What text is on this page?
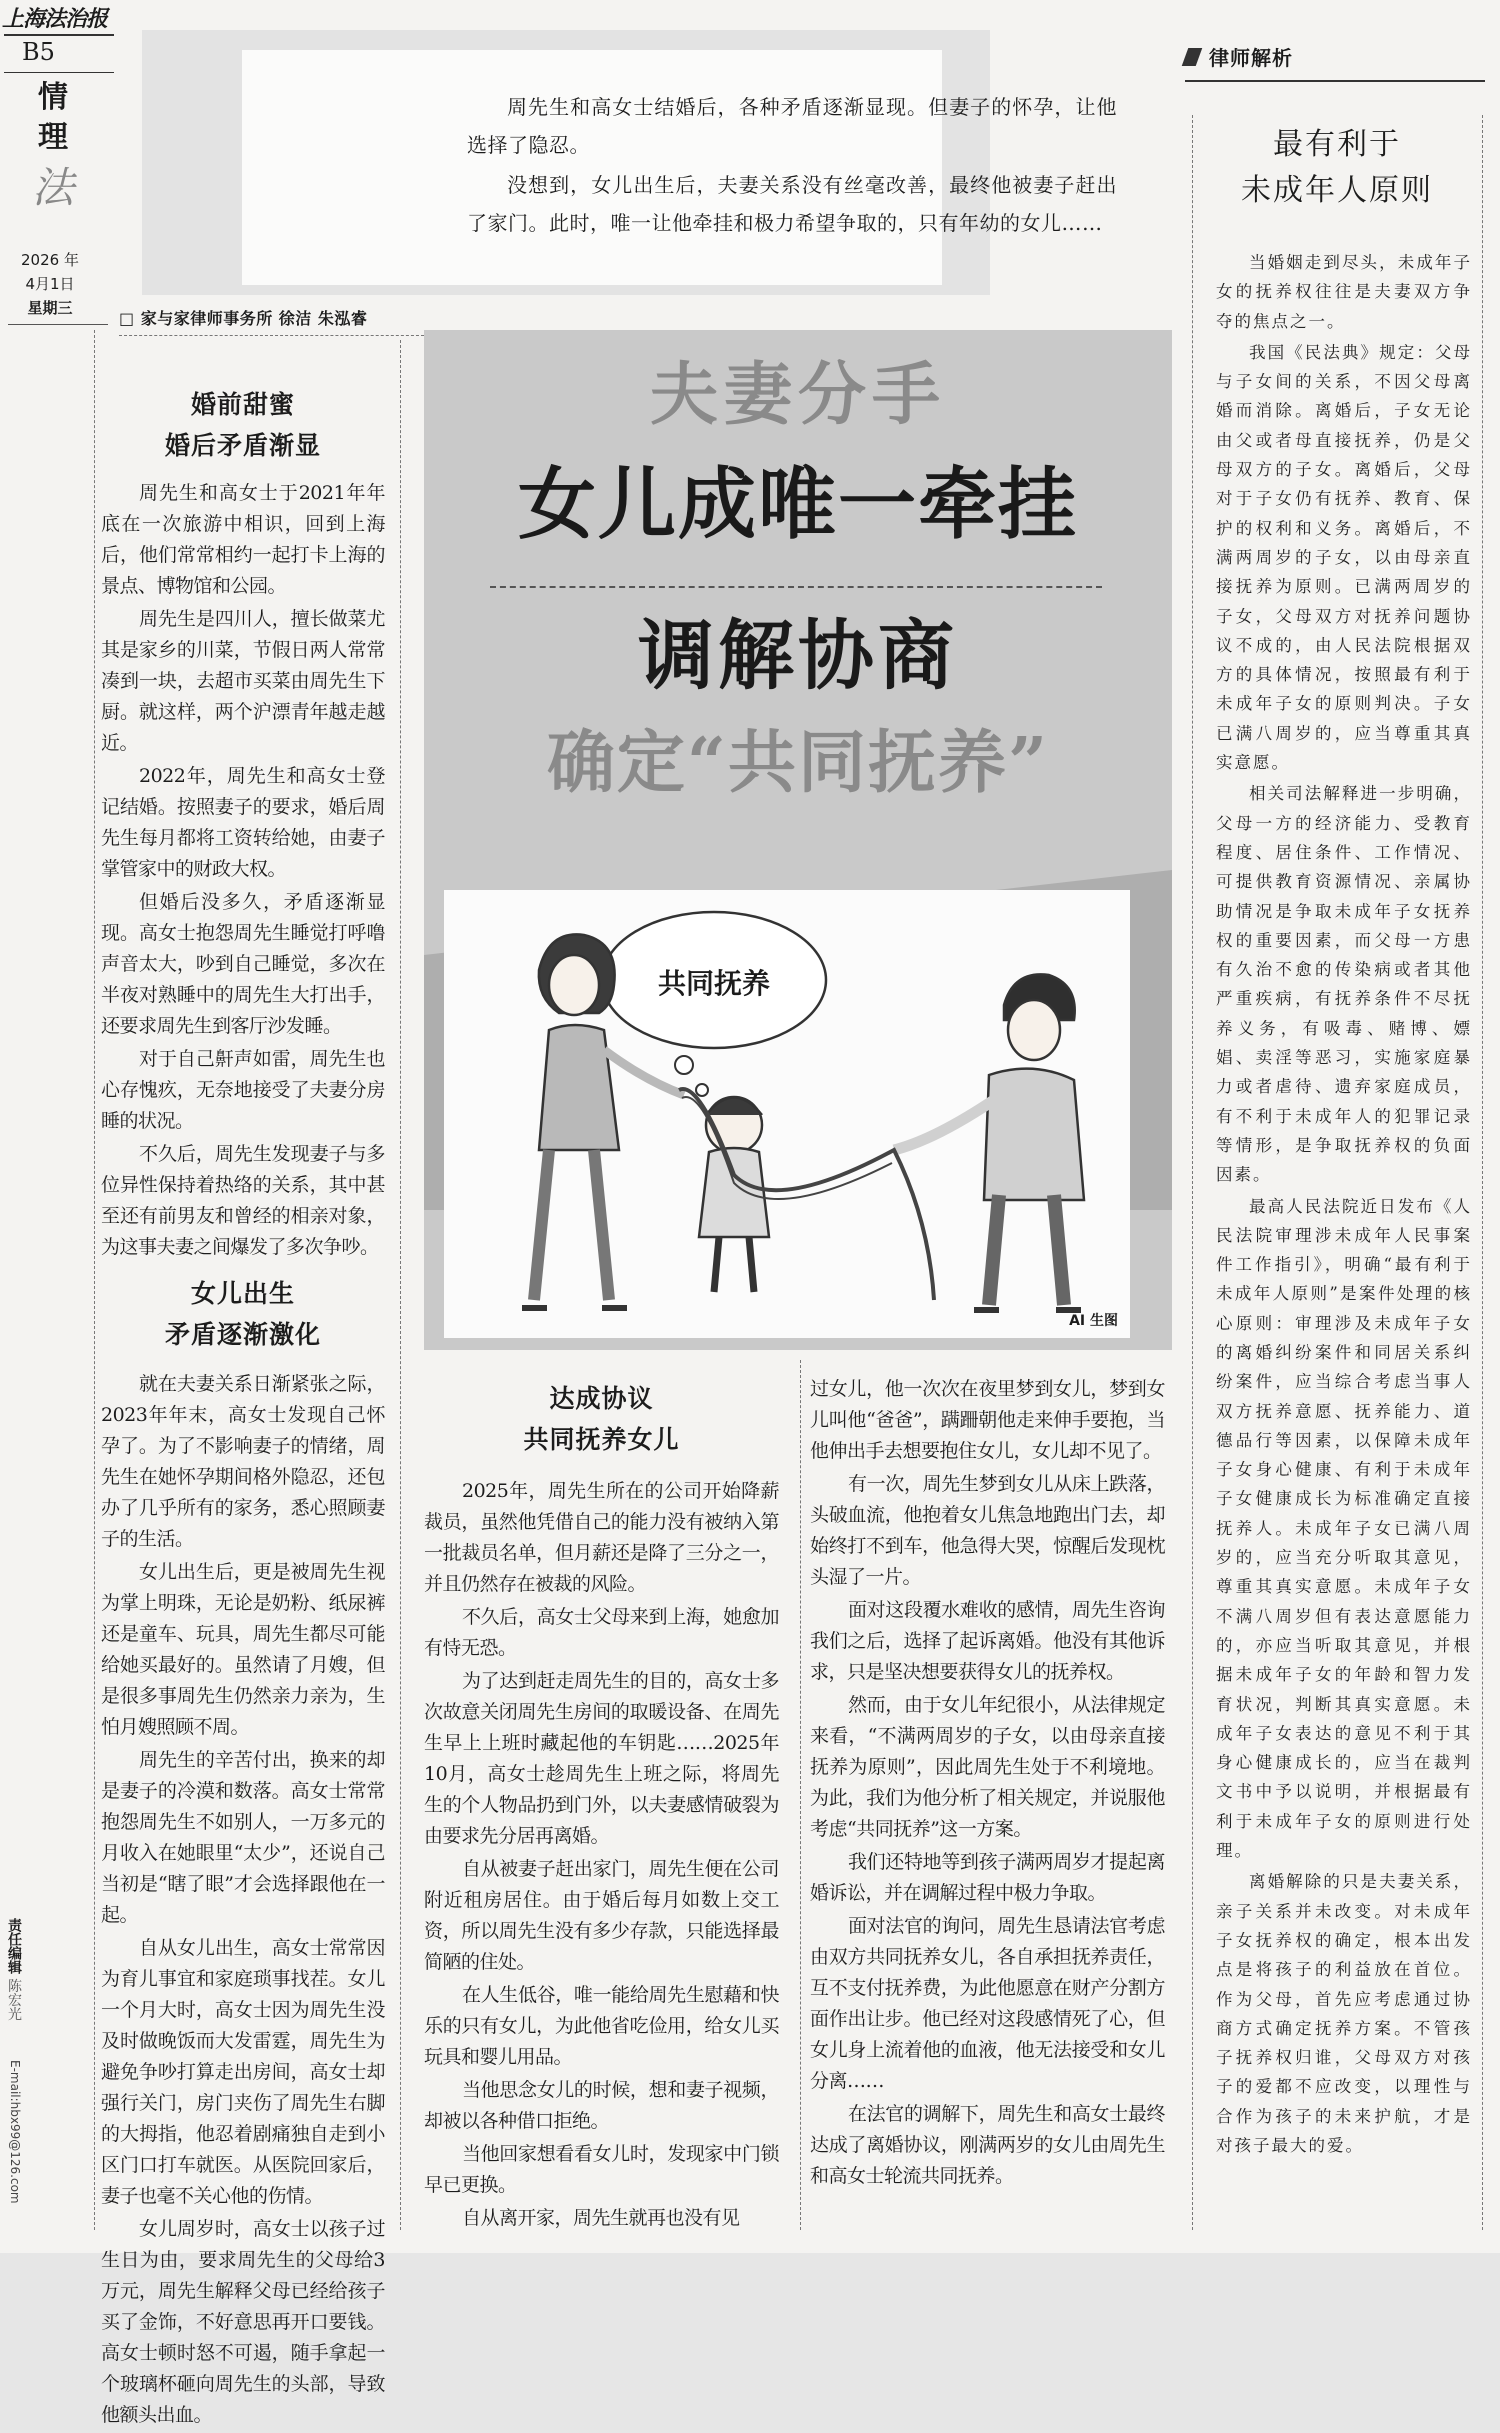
上海法治报
B5
情
理
法
2026 年
4月1日
星期三
责任编辑 陈宏光
E-mail:hbx99@126.com

周先生和高女士结婚后，各种矛盾逐渐显现。但妻子的怀孕，让他选择了隐忍。

没想到，女儿出生后，夫妻关系没有丝毫改善，最终他被妻子赶出了家门。此时，唯一让他牵挂和极力希望争取的，只有年幼的女儿……

□ 家与家律师事务所 徐洁 朱泓睿
夫妻分手
女儿成唯一牵挂
调解协商
确定“共同抚养”
共同抚养
AI 生图
婚前甜蜜
婚后矛盾渐显

周先生和高女士于2021年年底在一次旅游中相识，回到上海后，他们常常相约一起打卡上海的景点、博物馆和公园。

周先生是四川人，擅长做菜尤其是家乡的川菜，节假日两人常常凑到一块，去超市买菜由周先生下厨。就这样，两个沪漂青年越走越近。

2022年，周先生和高女士登记结婚。按照妻子的要求，婚后周先生每月都将工资转给她，由妻子掌管家中的财政大权。

但婚后没多久，矛盾逐渐显现。高女士抱怨周先生睡觉打呼噜声音太大，吵到自己睡觉，多次在半夜对熟睡中的周先生大打出手，还要求周先生到客厅沙发睡。

对于自己鼾声如雷，周先生也心存愧疚，无奈地接受了夫妻分房睡的状况。

不久后，周先生发现妻子与多位异性保持着热络的关系，其中甚至还有前男友和曾经的相亲对象，为这事夫妻之间爆发了多次争吵。

女儿出生
矛盾逐渐激化

就在夫妻关系日渐紧张之际，2023年年末，高女士发现自己怀孕了。为了不影响妻子的情绪，周先生在她怀孕期间格外隐忍，还包办了几乎所有的家务，悉心照顾妻子的生活。

女儿出生后，更是被周先生视为掌上明珠，无论是奶粉、纸尿裤还是童车、玩具，周先生都尽可能给她买最好的。虽然请了月嫂，但是很多事周先生仍然亲力亲为，生怕月嫂照顾不周。

周先生的辛苦付出，换来的却是妻子的冷漠和数落。高女士常常抱怨周先生不如别人，一万多元的月收入在她眼里“太少”，还说自己当初是“瞎了眼”才会选择跟他在一起。

自从女儿出生，高女士常常因为育儿事宜和家庭琐事找茬。女儿一个月大时，高女士因为周先生没及时做晚饭而大发雷霆，周先生为避免争吵打算走出房间，高女士却强行关门，房门夹伤了周先生右脚的大拇指，他忍着剧痛独自走到小区门口打车就医。从医院回家后，妻子也毫不关心他的伤情。

女儿周岁时，高女士以孩子过生日为由，要求周先生的父母给3万元，周先生解释父母已经给孩子买了金饰，不好意思再开口要钱。高女士顿时怒不可遏，随手拿起一个玻璃杯砸向周先生的头部，导致他额头出血。

达成协议
共同抚养女儿

2025年，周先生所在的公司开始降薪裁员，虽然他凭借自己的能力没有被纳入第一批裁员名单，但月薪还是降了三分之一，并且仍然存在被裁的风险。

不久后，高女士父母来到上海，她愈加有恃无恐。

为了达到赶走周先生的目的，高女士多次故意关闭周先生房间的取暖设备、在周先生早上上班时藏起他的车钥匙……2025年10月，高女士趁周先生上班之际，将周先生的个人物品扔到门外，以夫妻感情破裂为由要求先分居再离婚。

自从被妻子赶出家门，周先生便在公司附近租房居住。由于婚后每月如数上交工资，所以周先生没有多少存款，只能选择最简陋的住处。

在人生低谷，唯一能给周先生慰藉和快乐的只有女儿，为此他省吃俭用，给女儿买玩具和婴儿用品。

当他思念女儿的时候，想和妻子视频，却被以各种借口拒绝。

当他回家想看看女儿时，发现家中门锁早已更换。

自从离开家，周先生就再也没有见

过女儿，他一次次在夜里梦到女儿，梦到女儿叫他“爸爸”，蹒跚朝他走来伸手要抱，当他伸出手去想要抱住女儿，女儿却不见了。

有一次，周先生梦到女儿从床上跌落，头破血流，他抱着女儿焦急地跑出门去，却始终打不到车，他急得大哭，惊醒后发现枕头湿了一片。

面对这段覆水难收的感情，周先生咨询我们之后，选择了起诉离婚。他没有其他诉求，只是坚决想要获得女儿的抚养权。

然而，由于女儿年纪很小，从法律规定来看，“不满两周岁的子女，以由母亲直接抚养为原则”，因此周先生处于不利境地。为此，我们为他分析了相关规定，并说服他考虑“共同抚养”这一方案。

我们还特地等到孩子满两周岁才提起离婚诉讼，并在调解过程中极力争取。

面对法官的询问，周先生恳请法官考虑由双方共同抚养女儿，各自承担抚养责任，互不支付抚养费，为此他愿意在财产分割方面作出让步。他已经对这段感情死了心，但女儿身上流着他的血液，他无法接受和女儿分离……

在法官的调解下，周先生和高女士最终达成了离婚协议，刚满两岁的女儿由周先生和高女士轮流共同抚养。

律师解析
最有利于
未成年人原则

当婚姻走到尽头，未成年子女的抚养权往往是夫妻双方争夺的焦点之一。

我国《民法典》规定：父母与子女间的关系，不因父母离婚而消除。离婚后，子女无论由父或者母直接抚养，仍是父母双方的子女。离婚后，父母对于子女仍有抚养、教育、保护的权利和义务。离婚后，不满两周岁的子女，以由母亲直接抚养为原则。已满两周岁的子女，父母双方对抚养问题协议不成的，由人民法院根据双方的具体情况，按照最有利于未成年子女的原则判决。子女已满八周岁的，应当尊重其真实意愿。

相关司法解释进一步明确，父母一方的经济能力、受教育程度、居住条件、工作情况、可提供教育资源情况、亲属协助情况是争取未成年子女抚养权的重要因素，而父母一方患有久治不愈的传染病或者其他严重疾病，有抚养条件不尽抚养义务，有吸毒、赌博、嫖娼、卖淫等恶习，实施家庭暴力或者虐待、遗弃家庭成员，有不利于未成年人的犯罪记录等情形，是争取抚养权的负面因素。

最高人民法院近日发布《人民法院审理涉未成年人民事案件工作指引》，明确“最有利于未成年人原则”是案件处理的核心原则：审理涉及未成年子女的离婚纠纷案件和同居关系纠纷案件，应当综合考虑当事人双方抚养意愿、抚养能力、道德品行等因素，以保障未成年子女身心健康、有利于未成年子女健康成长为标准确定直接抚养人。未成年子女已满八周岁的，应当充分听取其意见，尊重其真实意愿。未成年子女不满八周岁但有表达意愿能力的，亦应当听取其意见，并根据未成年子女的年龄和智力发育状况，判断其真实意愿。未成年子女表达的意见不利于其身心健康成长的，应当在裁判文书中予以说明，并根据最有利于未成年子女的原则进行处理。

离婚解除的只是夫妻关系，亲子关系并未改变。对未成年子女抚养权的确定，根本出发点是将孩子的利益放在首位。作为父母，首先应考虑通过协商方式确定抚养方案。不管孩子抚养权归谁，父母双方对孩子的爱都不应改变，以理性与合作为孩子的未来护航，才是对孩子最大的爱。
